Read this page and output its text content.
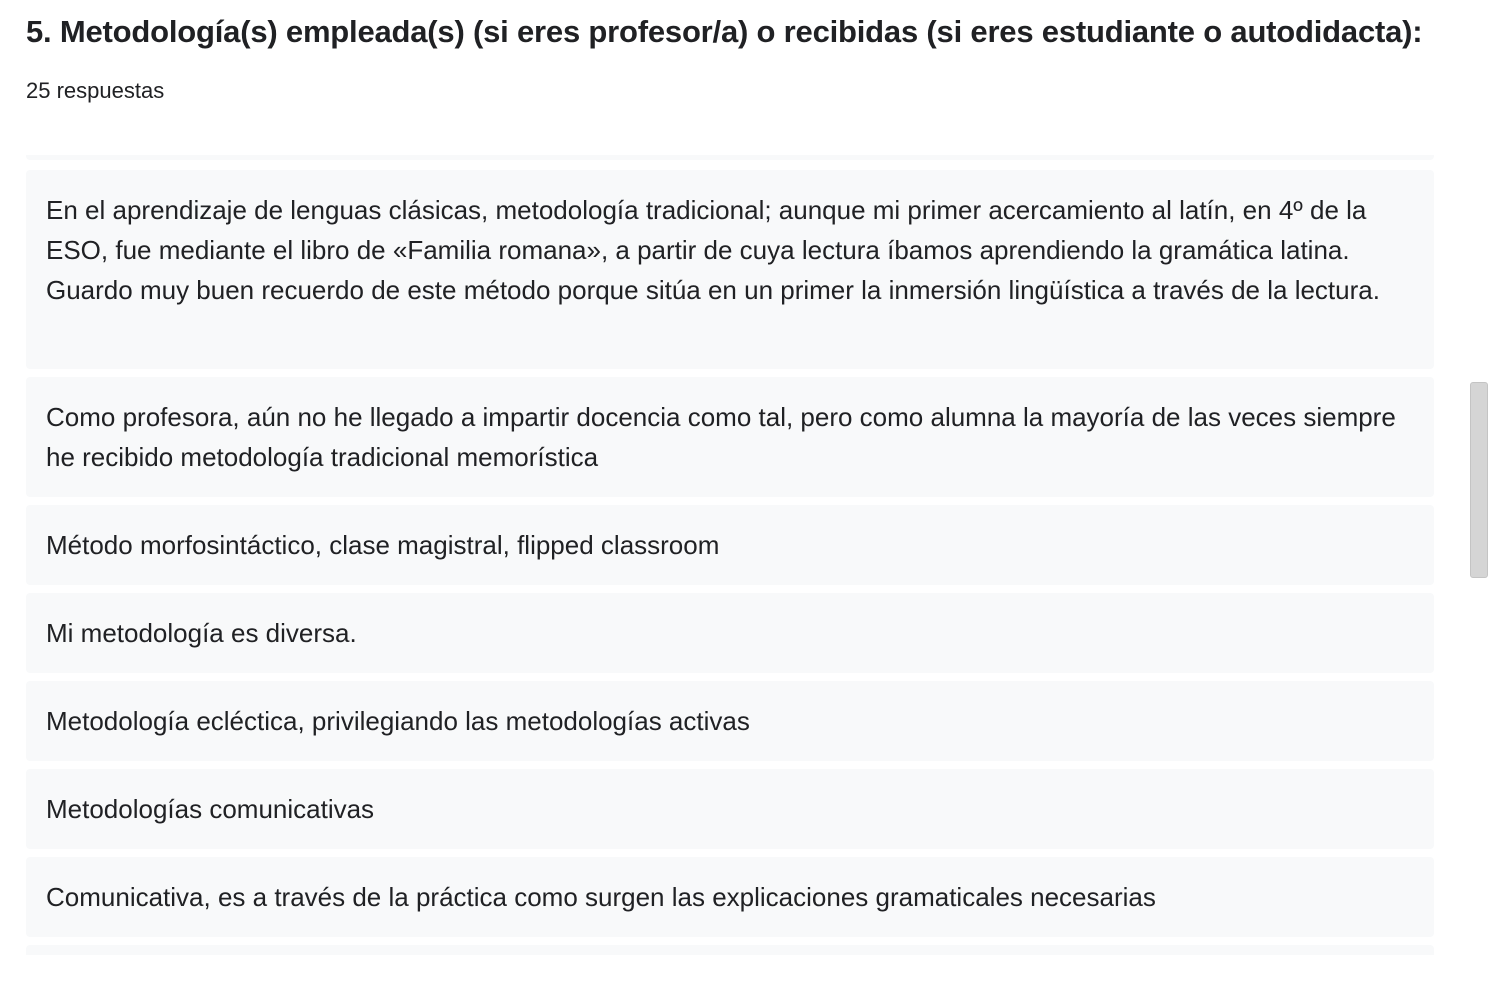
5. Metodología(s) empleada(s) (si eres profesor/a) o recibidas (si eres estudiante o autodidacta):
25 respuestas
En el aprendizaje de lenguas clásicas, metodología tradicional; aunque mi primer acercamiento al latín, en 4º de la ESO, fue mediante el libro de «Familia romana», a partir de cuya lectura íbamos aprendiendo la gramática latina. Guardo muy buen recuerdo de este método porque sitúa en un primer la inmersión lingüística a través de la lectura.
Como profesora, aún no he llegado a impartir docencia como tal, pero como alumna la mayoría de las veces siempre he recibido metodología tradicional memorística
Método morfosintáctico, clase magistral, flipped classroom
Mi metodología es diversa.
Metodología ecléctica, privilegiando las metodologías activas
Metodologías comunicativas
Comunicativa, es a través de la práctica como surgen las explicaciones gramaticales necesarias
